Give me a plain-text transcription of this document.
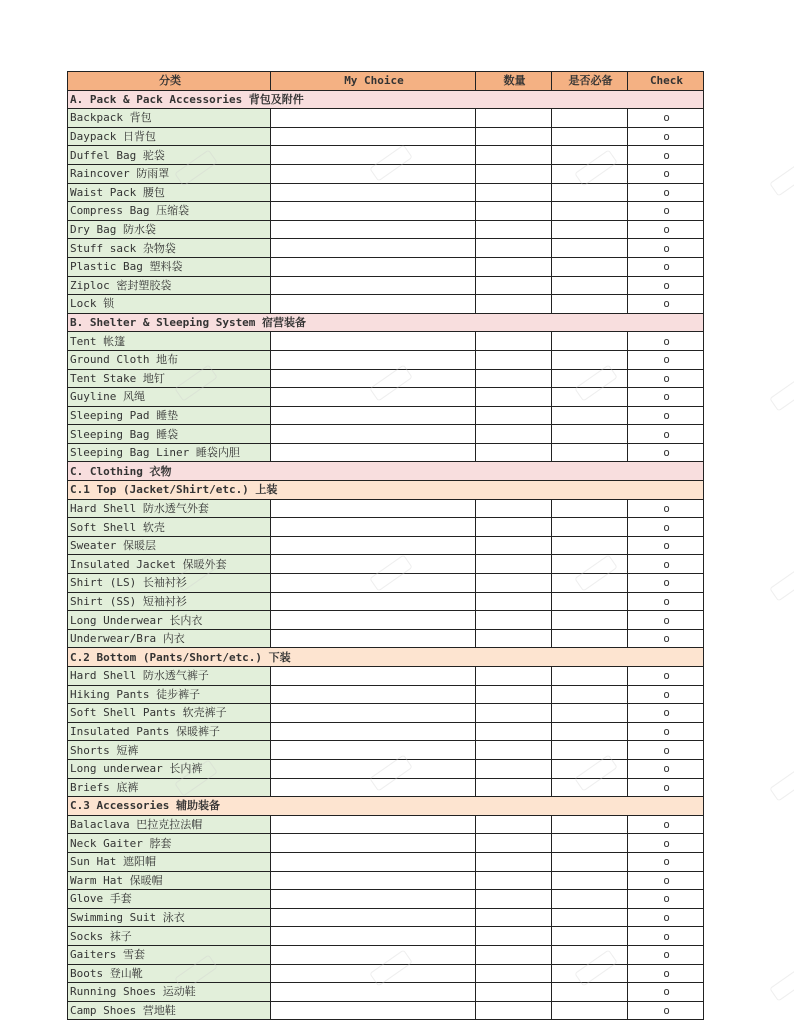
分类	My Choice	数量	是否必备	Check
A. Pack & Pack Accessories 背包及附件				
Backpack 背包				o
Daypack 日背包				o
Duffel Bag 驼袋				o
Raincover 防雨罩				o
Waist Pack 腰包				o
Compress Bag 压缩袋				o
Dry Bag 防水袋				o
Stuff sack 杂物袋				o
Plastic Bag 塑料袋				o
Ziploc 密封塑胶袋				o
Lock 锁				o
B. Shelter & Sleeping System 宿营装备				
Tent 帐篷				o
Ground Cloth 地布				o
Tent Stake 地钉				o
Guyline 风绳				o
Sleeping Pad 睡垫				o
Sleeping Bag 睡袋				o
Sleeping Bag Liner 睡袋内胆				o
C. Clothing 衣物				
C.1 Top (Jacket/Shirt/etc.) 上装				
Hard Shell 防水透气外套				o
Soft Shell 软壳				o
Sweater 保暖层				o
Insulated Jacket 保暖外套				o
Shirt (LS) 长袖衬衫				o
Shirt (SS) 短袖衬衫				o
Long Underwear 长内衣				o
Underwear/Bra 内衣				o
C.2 Bottom (Pants/Short/etc.) 下装				
Hard Shell 防水透气裤子				o
Hiking Pants 徒步裤子				o
Soft Shell Pants 软壳裤子				o
Insulated Pants 保暖裤子				o
Shorts 短裤				o
Long underwear 长内裤				o
Briefs 底裤				o
C.3 Accessories 辅助装备				
Balaclava 巴拉克拉法帽				o
Neck Gaiter 脖套				o
Sun Hat 遮阳帽				o
Warm Hat 保暖帽				o
Glove 手套				o
Swimming Suit 泳衣				o
Socks 袜子				o
Gaiters 雪套				o
Boots 登山靴				o
Running Shoes 运动鞋				o
Camp Shoes 营地鞋				o
